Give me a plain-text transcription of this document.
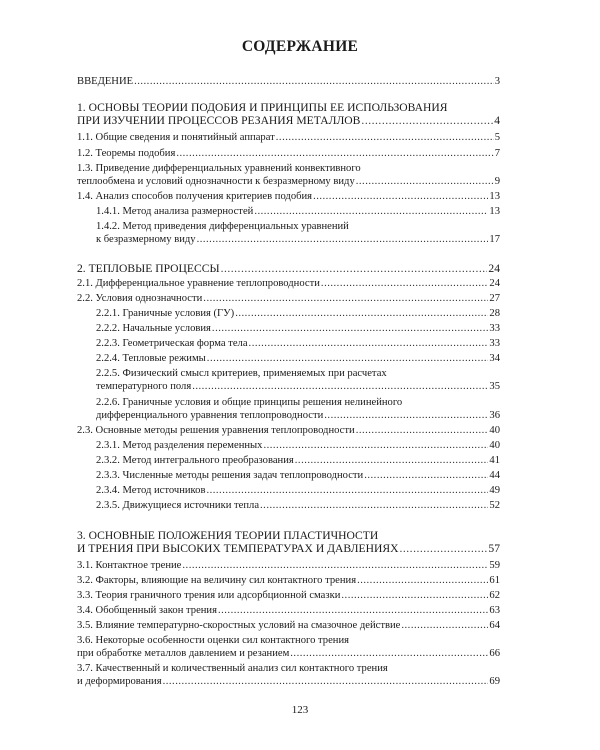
СОДЕРЖАНИЕ
ВВЕДЕНИЕ .....	3
1. ОСНОВЫ ТЕОРИИ ПОДОБИЯ И ПРИНЦИПЫ ЕЕ ИСПОЛЬЗОВАНИЯ
ПРИ ИЗУЧЕНИИ ПРОЦЕССОВ РЕЗАНИЯ МЕТАЛЛОВ .....	4
1.1. Общие сведения и понятийный аппарат .....	5
1.2. Теоремы подобия .....	7
1.3. Приведение дифференциальных уравнений конвективного
теплообмена и условий однозначности к безразмерному виду .....	9
1.4. Анализ способов получения критериев подобия .....	13
1.4.1. Метод анализа размерностей .....	13
1.4.2. Метод приведения дифференциальных уравнений
к безразмерному виду .....	17
2. ТЕПЛОВЫЕ ПРОЦЕССЫ .....	24
2.1. Дифференциальное уравнение теплопроводности .....	24
2.2. Условия однозначности .....	27
2.2.1. Граничные условия (ГУ) .....	28
2.2.2. Начальные условия .....	33
2.2.3. Геометрическая форма тела .....	33
2.2.4. Тепловые режимы .....	34
2.2.5. Физический смысл критериев, применяемых при расчетах
температурного поля .....	35
2.2.6. Граничные условия и общие принципы решения нелинейного
дифференциального уравнения теплопроводности .....	36
2.3. Основные методы решения уравнения теплопроводности .....	40
2.3.1. Метод разделения переменных .....	40
2.3.2. Метод интегрального преобразования .....	41
2.3.3. Численные методы решения задач теплопроводности .....	44
2.3.4. Метод источников .....	49
2.3.5. Движущиеся источники тепла .....	52
3. ОСНОВНЫЕ ПОЛОЖЕНИЯ ТЕОРИИ ПЛАСТИЧНОСТИ
И ТРЕНИЯ ПРИ ВЫСОКИХ ТЕМПЕРАТУРАХ И ДАВЛЕНИЯХ .....	57
3.1. Контактное трение .....	59
3.2. Факторы, влияющие на величину сил контактного трения .....	61
3.3. Теория граничного трения или адсорбционной смазки .....	62
3.4. Обобщенный закон трения .....	63
3.5. Влияние температурно-скоростных условий на смазочное действие .....	64
3.6. Некоторые особенности оценки сил контактного трения
при обработке металлов давлением и резанием .....	66
3.7. Качественный и количественный анализ сил контактного трения
и деформирования .....	69
123
